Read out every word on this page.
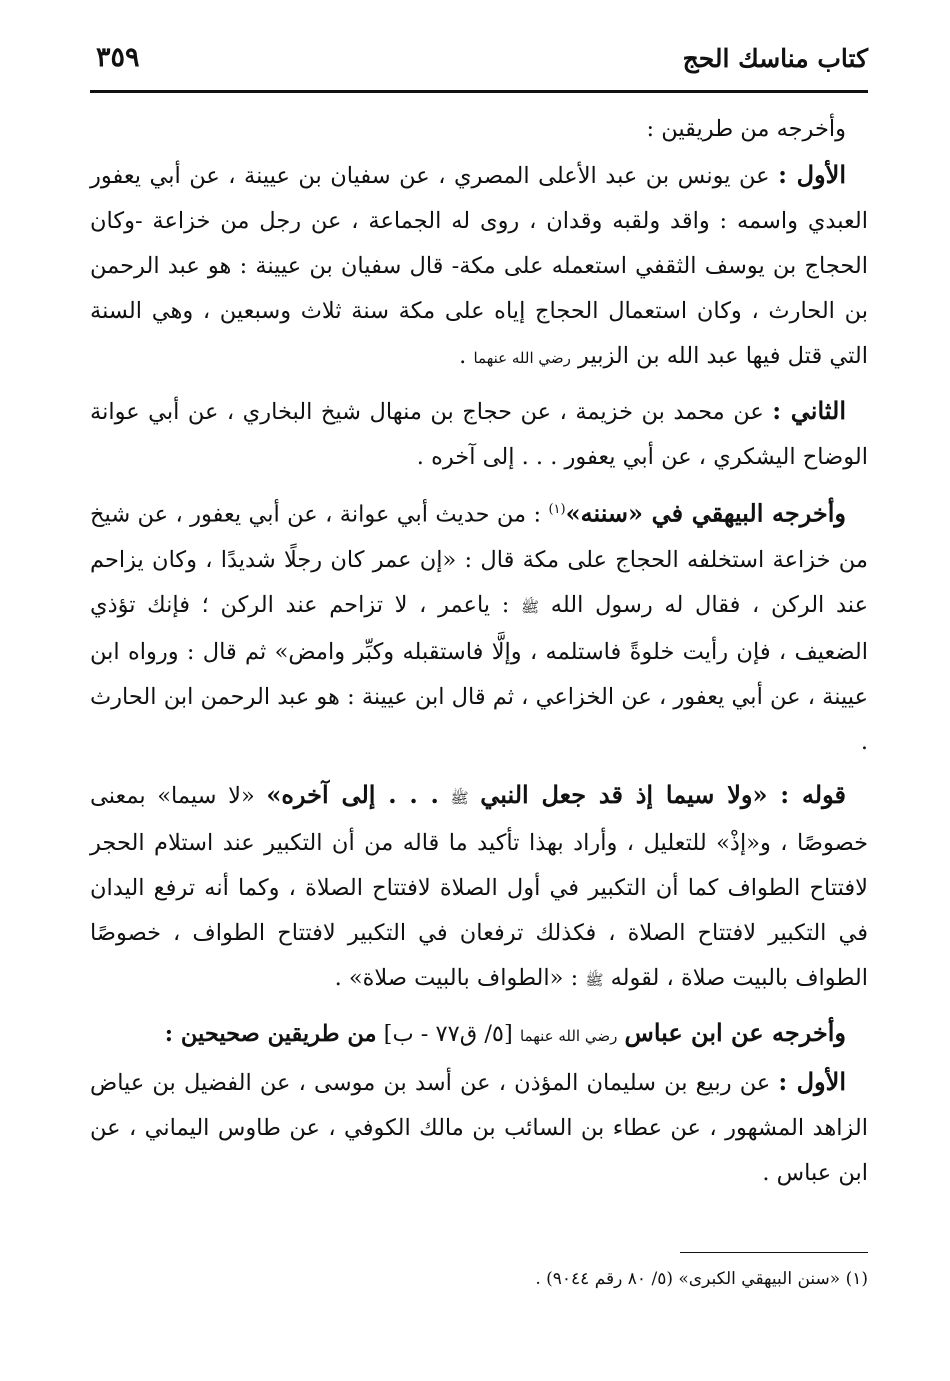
كتاب مناسك الحج
٣٥٩

وأخرجه من طريقين :

الأول : عن يونس بن عبد الأعلى المصري ، عن سفيان بن عيينة ، عن أبي يعفور العبدي واسمه : واقد ولقبه وقدان ، روى له الجماعة ، عن رجل من خزاعة -وكان الحجاج بن يوسف الثقفي استعمله على مكة- قال سفيان بن عيينة : هو عبد الرحمن بن الحارث ، وكان استعمال الحجاج إياه على مكة سنة ثلاث وسبعين ، وهي السنة التي قتل فيها عبد الله بن الزبير رضي الله عنهما .

الثاني : عن محمد بن خزيمة ، عن حجاج بن منهال شيخ البخاري ، عن أبي عوانة الوضاح اليشكري ، عن أبي يعفور . . . إلى آخره .

وأخرجه البيهقي في «سننه»$^{(١)}$ : من حديث أبي عوانة ، عن أبي يعفور ، عن شيخ من خزاعة استخلفه الحجاج على مكة قال : «إن عمر كان رجلًا شديدًا ، وكان يزاحم عند الركن ، فقال له رسول الله ﷺ : ياعمر ، لا تزاحم عند الركن ؛ فإنك تؤذي الضعيف ، فإن رأيت خلوةً فاستلمه ، وإلَّا فاستقبله وكبِّر وامض» ثم قال : ورواه ابن عيينة ، عن أبي يعفور ، عن الخزاعي ، ثم قال ابن عيينة : هو عبد الرحمن ابن الحارث .

قوله : «ولا سيما إذ قد جعل النبي ﷺ . . . إلى آخره» «لا سيما» بمعنى خصوصًا ، و«إذْ» للتعليل ، وأراد بهذا تأكيد ما قاله من أن التكبير عند استلام الحجر لافتتاح الطواف كما أن التكبير في أول الصلاة لافتتاح الصلاة ، وكما أنه ترفع اليدان في التكبير لافتتاح الصلاة ، فكذلك ترفعان في التكبير لافتتاح الطواف ، خصوصًا الطواف بالبيت صلاة ، لقوله ﷺ : «الطواف بالبيت صلاة» .

وأخرجه عن ابن عباس رضي الله عنهما [٥/ ق٧٧ - ب] من طريقين صحيحين :

الأول : عن ربيع بن سليمان المؤذن ، عن أسد بن موسى ، عن الفضيل بن عياض الزاهد المشهور ، عن عطاء بن السائب بن مالك الكوفي ، عن طاوس اليماني ، عن ابن عباس .

(١) «سنن البيهقي الكبرى» (٥/ ٨٠ رقم ٩٠٤٤) .
